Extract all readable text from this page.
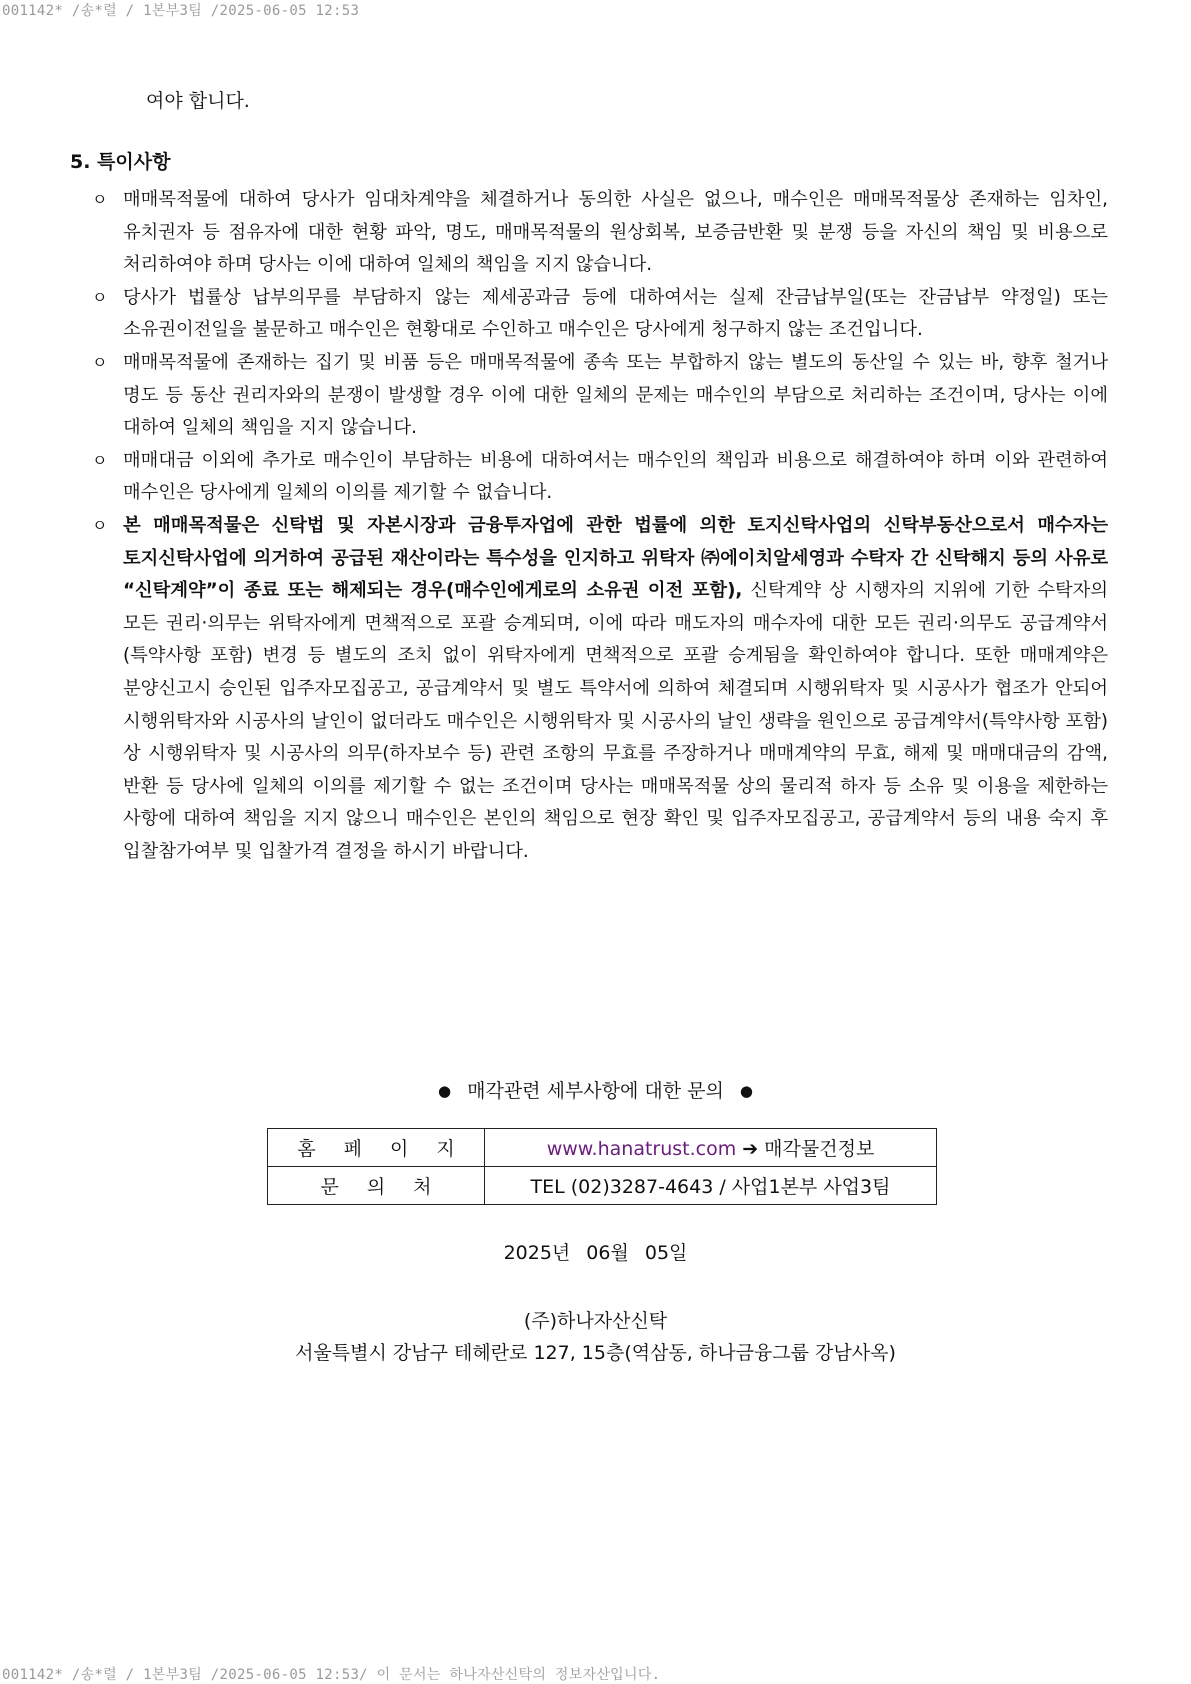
001142* /송*렬 / 1본부3팀 /2025-06-05 12:53
여야 합니다.
5. 특이사항
ㅇ 매매목적물에 대하여 당사가 임대차계약을 체결하거나 동의한 사실은 없으나, 매수인은 매매목적물상 존재하는 임차인, 유치권자 등 점유자에 대한 현황 파악, 명도, 매매목적물의 원상회복, 보증금반환 및 분쟁 등을 자신의 책임 및 비용으로 처리하여야 하며 당사는 이에 대하여 일체의 책임을 지지 않습니다.
ㅇ 당사가 법률상 납부의무를 부담하지 않는 제세공과금 등에 대하여서는 실제 잔금납부일(또는 잔금납부 약정일) 또는 소유권이전일을 불문하고 매수인은 현황대로 수인하고 매수인은 당사에게 청구하지 않는 조건입니다.
ㅇ 매매목적물에 존재하는 집기 및 비품 등은 매매목적물에 종속 또는 부합하지 않는 별도의 동산일 수 있는 바, 향후 철거나 명도 등 동산 권리자와의 분쟁이 발생할 경우 이에 대한 일체의 문제는 매수인의 부담으로 처리하는 조건이며, 당사는 이에 대하여 일체의 책임을 지지 않습니다.
ㅇ 매매대금 이외에 추가로 매수인이 부담하는 비용에 대하여서는 매수인의 책임과 비용으로 해결하여야 하며 이와 관련하여 매수인은 당사에게 일체의 이의를 제기할 수 없습니다.
ㅇ 본 매매목적물은 신탁법 및 자본시장과 금융투자업에 관한 법률에 의한 토지신탁사업의 신탁부동산으로서 매수자는 토지신탁사업에 의거하여 공급된 재산이라는 특수성을 인지하고 위탁자 ㈜에이치알세영과 수탁자 간 신탁해지 등의 사유로 “신탁계약”이 종료 또는 해제되는 경우(매수인에게로의 소유권 이전 포함), 신탁계약 상 시행자의 지위에 기한 수탁자의 모든 권리·의무는 위탁자에게 면책적으로 포괄 승계되며, 이에 따라 매도자의 매수자에 대한 모든 권리·의무도 공급계약서(특약사항 포함) 변경 등 별도의 조치 없이 위탁자에게 면책적으로 포괄 승계됨을 확인하여야 합니다. 또한 매매계약은 분양신고시 승인된 입주자모집공고, 공급계약서 및 별도 특약서에 의하여 체결되며 시행위탁자 및 시공사가 협조가 안되어 시행위탁자와 시공사의 날인이 없더라도 매수인은 시행위탁자 및 시공사의 날인 생략을 원인으로 공급계약서(특약사항 포함) 상 시행위탁자 및 시공사의 의무(하자보수 등) 관련 조항의 무효를 주장하거나 매매계약의 무효, 해제 및 매매대금의 감액, 반환 등 당사에 일체의 이의를 제기할 수 없는 조건이며 당사는 매매목적물 상의 물리적 하자 등 소유 및 이용을 제한하는 사항에 대하여 책임을 지지 않으니 매수인은 본인의 책임으로 현장 확인 및 입주자모집공고, 공급계약서 등의 내용 숙지 후 입찰참가여부 및 입찰가격 결정을 하시기 바랍니다.
● 매각관련 세부사항에 대한 문의 ●
홈페이지	www.hanatrust.com ➔ 매각물건정보
문의처	TEL (02)3287-4643 / 사업1본부 사업3팀
2025년 06월 05일
(주)하나자산신탁
서울특별시 강남구 테헤란로 127, 15층(역삼동, 하나금융그룹 강남사옥)
001142* /송*렬 / 1본부3팀 /2025-06-05 12:53/ 이 문서는 하나자산신탁의 정보자산입니다.
